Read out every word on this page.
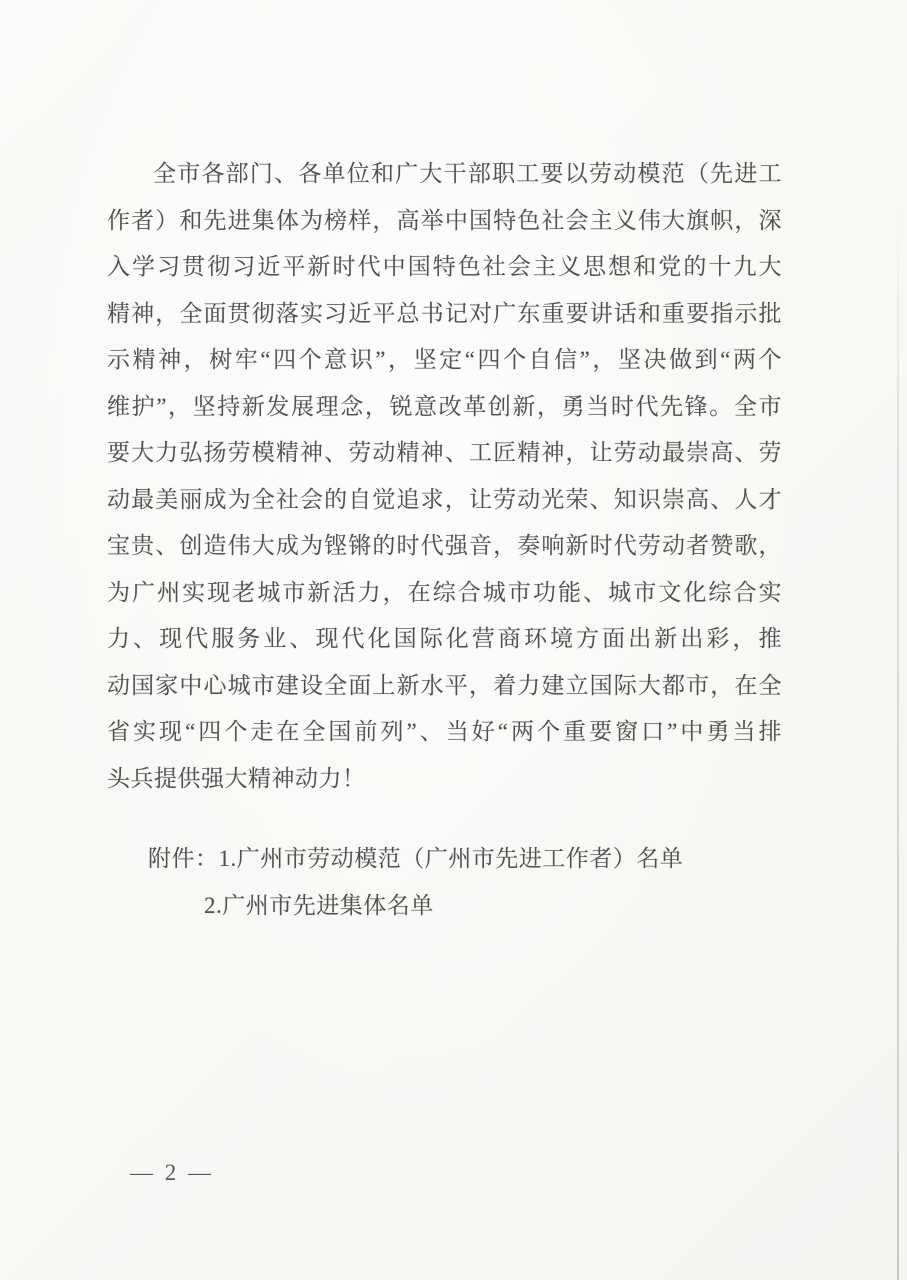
全市各部门、各单位和广大干部职工要以劳动模范（先进工
作者）和先进集体为榜样，高举中国特色社会主义伟大旗帜，深
入学习贯彻习近平新时代中国特色社会主义思想和党的十九大
精神，全面贯彻落实习近平总书记对广东重要讲话和重要指示批
示精神，树牢“四个意识”，坚定“四个自信”，坚决做到“两个
维护”，坚持新发展理念，锐意改革创新，勇当时代先锋。全市
要大力弘扬劳模精神、劳动精神、工匠精神，让劳动最崇高、劳
动最美丽成为全社会的自觉追求，让劳动光荣、知识崇高、人才
宝贵、创造伟大成为铿锵的时代强音，奏响新时代劳动者赞歌，
为广州实现老城市新活力，在综合城市功能、城市文化综合实
力、现代服务业、现代化国际化营商环境方面出新出彩，推
动国家中心城市建设全面上新水平，着力建立国际大都市，在全
省实现“四个走在全国前列”、当好“两个重要窗口”中勇当排
头兵提供强大精神动力！
附件：1.广州市劳动模范（广州市先进工作者）名单
2.广州市先进集体名单
— 2 —
